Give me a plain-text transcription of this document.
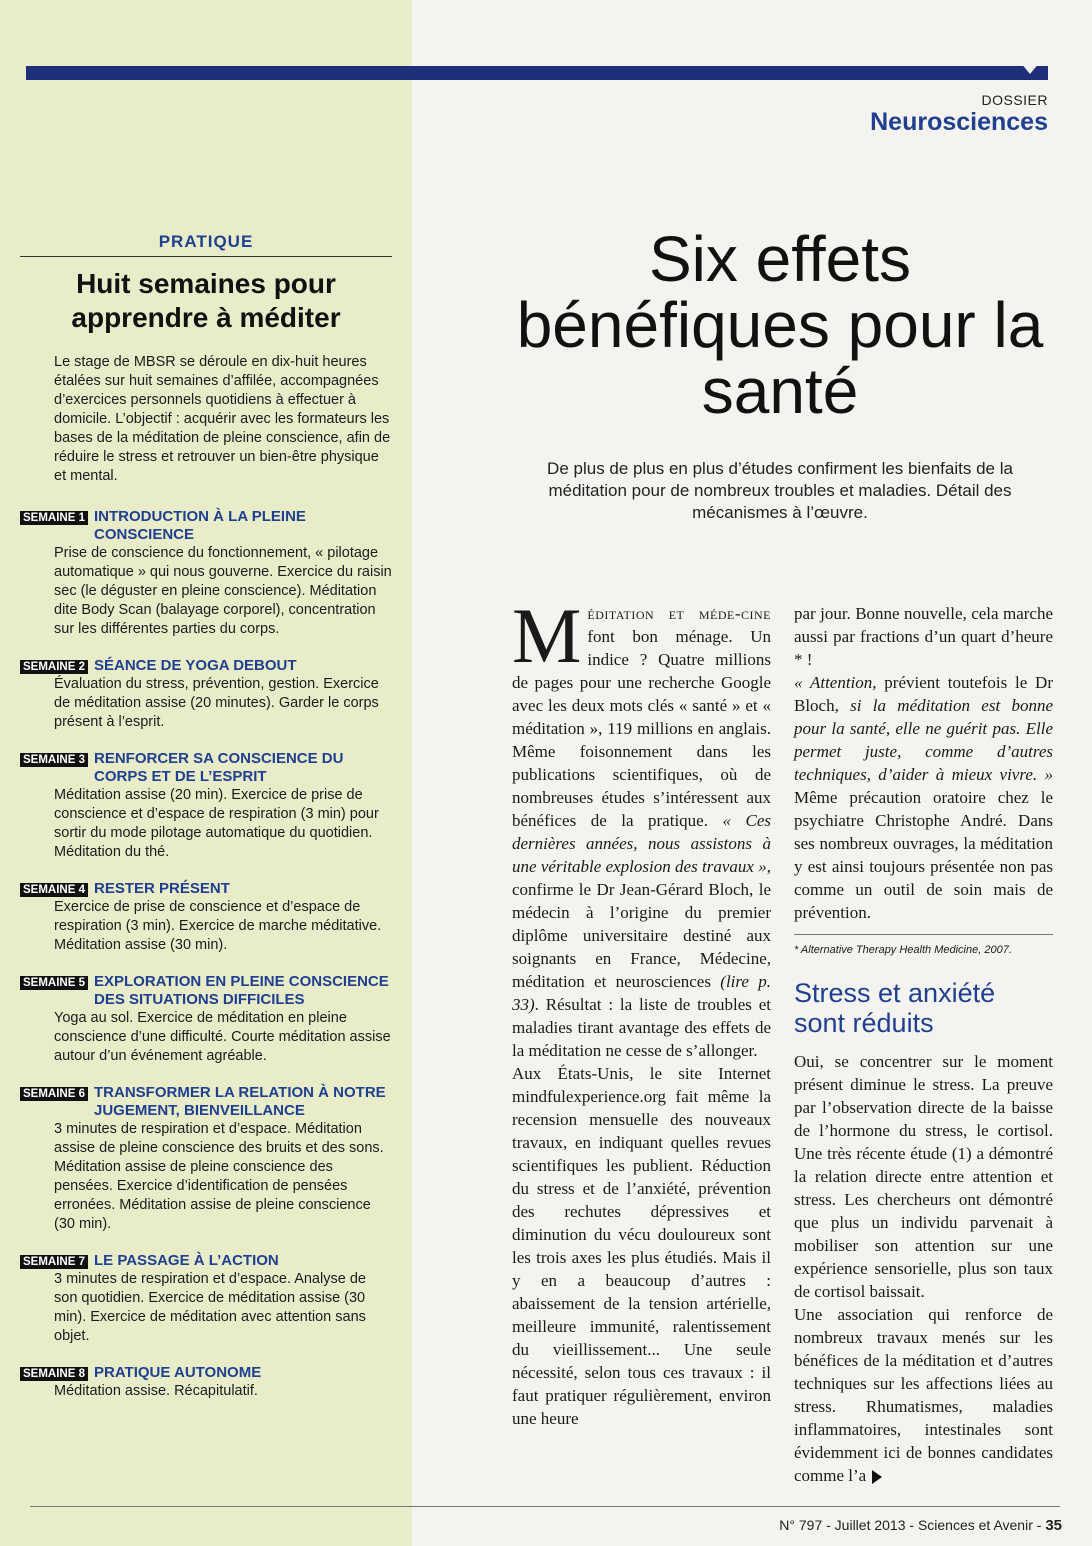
DOSSIER
Neurosciences
PRATIQUE
Huit semaines pour apprendre à méditer
Le stage de MBSR se déroule en dix-huit heures étalées sur huit semaines d’affilée, accompagnées d’exercices personnels quotidiens à effectuer à domicile. L’objectif : acquérir avec les formateurs les bases de la méditation de pleine conscience, afin de réduire le stress et retrouver un bien-être physique et mental.
SEMAINE 1 INTRODUCTION À LA PLEINE CONSCIENCE
Prise de conscience du fonctionnement, « pilotage automatique » qui nous gouverne. Exercice du raisin sec (le déguster en pleine conscience). Méditation dite Body Scan (balayage corporel), concentration sur les différentes parties du corps.
SEMAINE 2 SÉANCE DE YOGA DEBOUT
Évaluation du stress, prévention, gestion. Exercice de méditation assise (20 minutes). Garder le corps présent à l’esprit.
SEMAINE 3 RENFORCER SA CONSCIENCE DU CORPS ET DE L’ESPRIT
Méditation assise (20 min). Exercice de prise de conscience et d’espace de respiration (3 min) pour sortir du mode pilotage automatique du quotidien. Méditation du thé.
SEMAINE 4 RESTER PRÉSENT
Exercice de prise de conscience et d’espace de respiration (3 min). Exercice de marche méditative. Méditation assise (30 min).
SEMAINE 5 EXPLORATION EN PLEINE CONSCIENCE DES SITUATIONS DIFFICILES
Yoga au sol. Exercice de méditation en pleine conscience d’une difficulté. Courte méditation assise autour d’un événement agréable.
SEMAINE 6 TRANSFORMER LA RELATION À NOTRE JUGEMENT, BIENVEILLANCE
3 minutes de respiration et d’espace. Méditation assise de pleine conscience des bruits et des sons. Méditation assise de pleine conscience des pensées. Exercice d’identification de pensées erronées. Méditation assise de pleine conscience (30 min).
SEMAINE 7 LE PASSAGE À L’ACTION
3 minutes de respiration et d’espace. Analyse de son quotidien. Exercice de méditation assise (30 min). Exercice de méditation avec attention sans objet.
SEMAINE 8 PRATIQUE AUTONOME
Méditation assise. Récapitulatif.
Six effets bénéfiques pour la santé
De plus de plus en plus d’études confirment les bienfaits de la méditation pour de nombreux troubles et maladies. Détail des mécanismes à l’œuvre.
Méditation et méde-cine font bon ménage. Un indice ? Quatre millions de pages pour une recherche Google avec les deux mots clés « santé » et « méditation », 119 millions en anglais. Même foisonnement dans les publications scientifiques, où de nombreuses études s’intéressent aux bénéfices de la pratique. « Ces dernières années, nous assistons à une véritable explosion des travaux », confirme le Dr Jean-Gérard Bloch, le médecin à l’origine du premier diplôme universitaire destiné aux soignants en France, Médecine, méditation et neurosciences (lire p. 33). Résultat : la liste de troubles et maladies tirant avantage des effets de la méditation ne cesse de s’allonger.
Aux États-Unis, le site Internet mindfulexperience.org fait même la recension mensuelle des nouveaux travaux, en indiquant quelles revues scientifiques les publient. Réduction du stress et de l’anxiété, prévention des rechutes dépressives et diminution du vécu douloureux sont les trois axes les plus étudiés. Mais il y en a beaucoup d’autres : abaissement de la tension artérielle, meilleure immunité, ralentissement du vieillissement... Une seule nécessité, selon tous ces travaux : il faut pratiquer régulièrement, environ une heure
par jour. Bonne nouvelle, cela marche aussi par fractions d’un quart d’heure * !
« Attention, prévient toutefois le Dr Bloch, si la méditation est bonne pour la santé, elle ne guérit pas. Elle permet juste, comme d’autres techniques, d’aider à mieux vivre. » Même précaution oratoire chez le psychiatre Christophe André. Dans ses nombreux ouvrages, la méditation y est ainsi toujours présentée non pas comme un outil de soin mais de prévention.
* Alternative Therapy Health Medicine, 2007.
Stress et anxiété sont réduits
Oui, se concentrer sur le moment présent diminue le stress. La preuve par l’observation directe de la baisse de l’hormone du stress, le cortisol. Une très récente étude (1) a démontré la relation directe entre attention et stress. Les chercheurs ont démontré que plus un individu parvenait à mobiliser son attention sur une expérience sensorielle, plus son taux de cortisol baissait.
Une association qui renforce de nombreux travaux menés sur les bénéfices de la méditation et d’autres techniques sur les affections liées au stress. Rhumatismes, maladies inflammatoires, intestinales sont évidemment ici de bonnes candidates comme l’a
N° 797 - Juillet 2013 - Sciences et Avenir - 35
